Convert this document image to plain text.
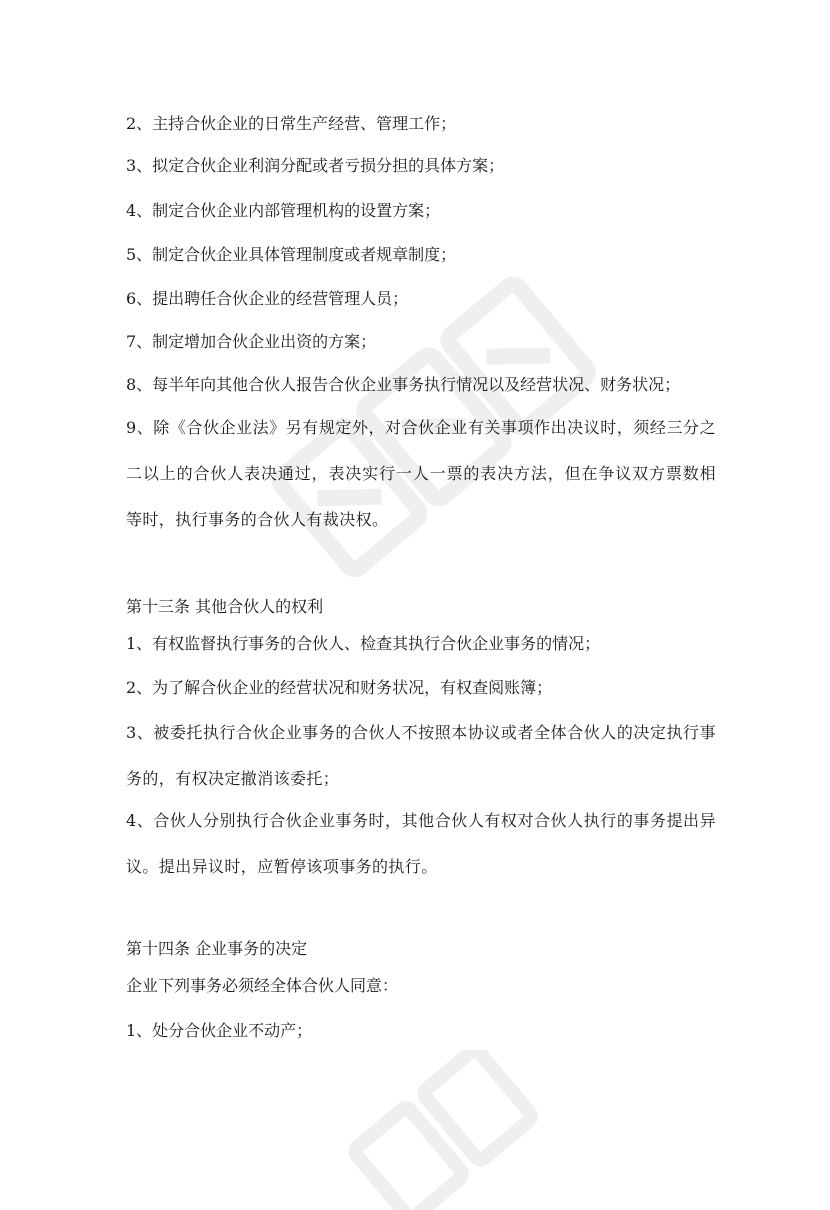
2、主持合伙企业的日常生产经营、管理工作；

3、拟定合伙企业利润分配或者亏损分担的具体方案；

4、制定合伙企业内部管理机构的设置方案；

5、制定合伙企业具体管理制度或者规章制度；

6、提出聘任合伙企业的经营管理人员；

7、制定增加合伙企业出资的方案；

8、每半年向其他合伙人报告合伙企业事务执行情况以及经营状况、财务状况；

9、除《合伙企业法》另有规定外，对合伙企业有关事项作出决议时，须经三分之二以上的合伙人表决通过，表决实行一人一票的表决方法，但在争议双方票数相等时，执行事务的合伙人有裁决权。

第十三条 其他合伙人的权利

1、有权监督执行事务的合伙人、检查其执行合伙企业事务的情况；

2、为了解合伙企业的经营状况和财务状况，有权查阅账簿；

3、被委托执行合伙企业事务的合伙人不按照本协议或者全体合伙人的决定执行事务的，有权决定撤消该委托；

4、合伙人分别执行合伙企业事务时，其他合伙人有权对合伙人执行的事务提出异议。提出异议时，应暂停该项事务的执行。

第十四条 企业事务的决定

企业下列事务必须经全体合伙人同意：

1、处分合伙企业不动产；
